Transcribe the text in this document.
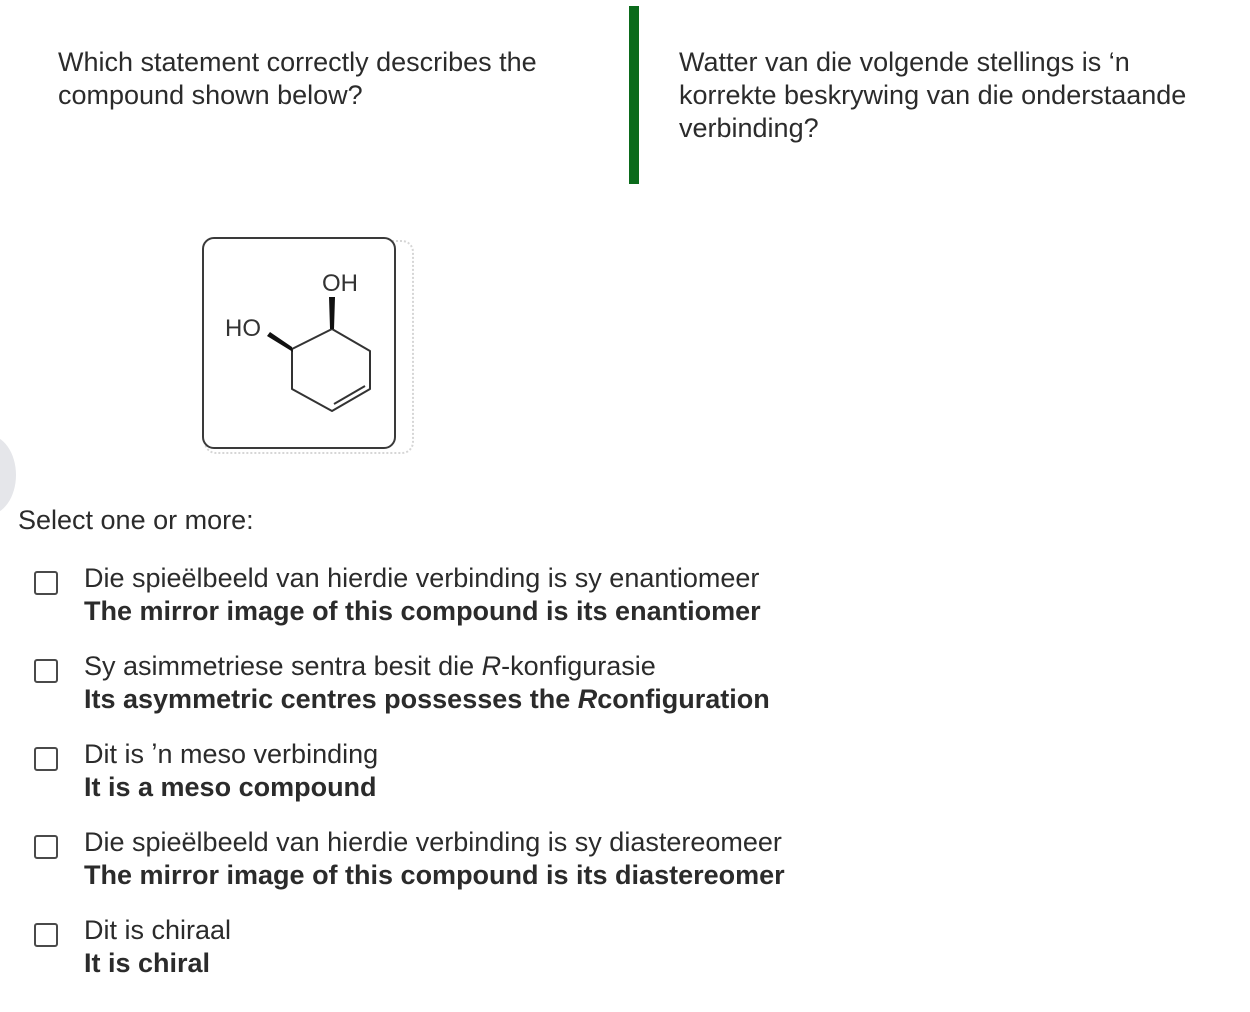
Which statement correctly describes the compound shown below?
Watter van die volgende stellings is ‘n korrekte beskrywing van die onderstaande verbinding?
OH
HO
Select one or more:
Die spieëlbeeld van hierdie verbinding is sy enantiomeer
The mirror image of this compound is its enantiomer
Sy asimmetriese sentra besit die R-konfigurasie
Its asymmetric centres possesses the Rconfiguration
Dit is ʼn meso verbinding
It is a meso compound
Die spieëlbeeld van hierdie verbinding is sy diastereomeer
The mirror image of this compound is its diastereomer
Dit is chiraal
It is chiral
